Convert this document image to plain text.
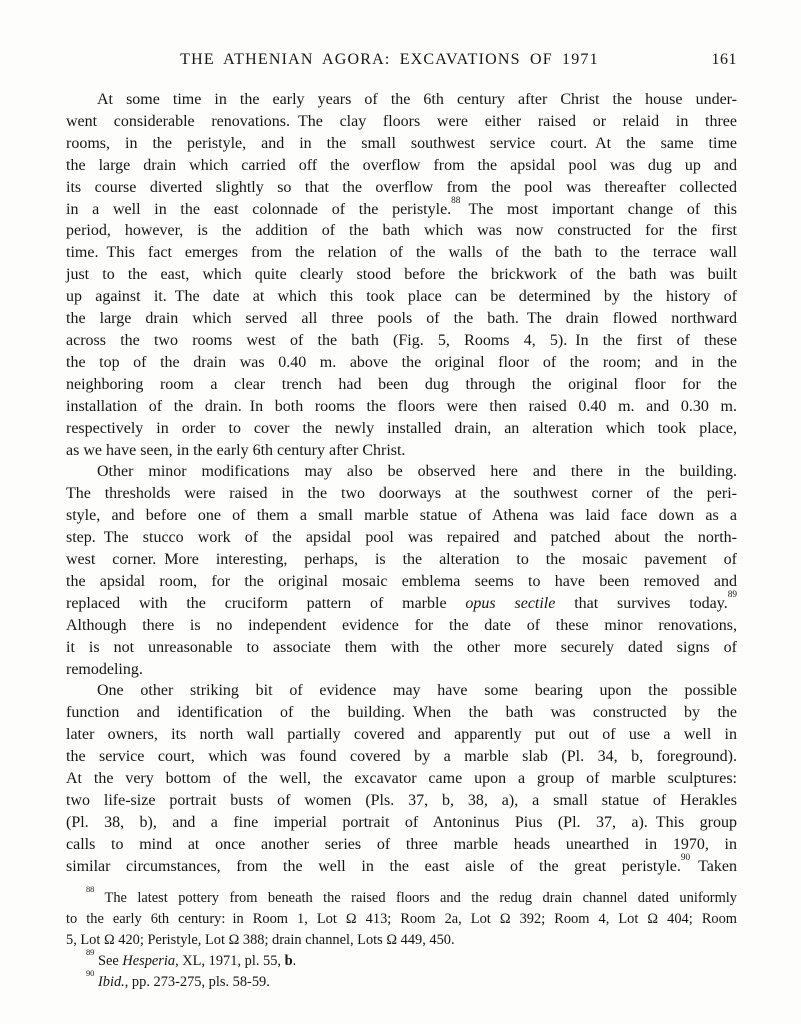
THE ATHENIAN AGORA: EXCAVATIONS OF 1971	161
At some time in the early years of the 6th century after Christ the house under-
went considerable renovations. The clay floors were either raised or relaid in three
rooms, in the peristyle, and in the small southwest service court. At the same time
the large drain which carried off the overflow from the apsidal pool was dug up and
its course diverted slightly so that the overflow from the pool was thereafter collected
in a well in the east colonnade of the peristyle.$^{88}$ The most important change of this
period, however, is the addition of the bath which was now constructed for the first
time. This fact emerges from the relation of the walls of the bath to the terrace wall
just to the east, which quite clearly stood before the brickwork of the bath was built
up against it. The date at which this took place can be determined by the history of
the large drain which served all three pools of the bath. The drain flowed northward
across the two rooms west of the bath (Fig. 5, Rooms 4, 5). In the first of these
the top of the drain was 0.40 m. above the original floor of the room; and in the
neighboring room a clear trench had been dug through the original floor for the
installation of the drain. In both rooms the floors were then raised 0.40 m. and 0.30 m.
respectively in order to cover the newly installed drain, an alteration which took place,
as we have seen, in the early 6th century after Christ.
Other minor modifications may also be observed here and there in the building.
The thresholds were raised in the two doorways at the southwest corner of the peri-
style, and before one of them a small marble statue of Athena was laid face down as a
step. The stucco work of the apsidal pool was repaired and patched about the north-
west corner. More interesting, perhaps, is the alteration to the mosaic pavement of
the apsidal room, for the original mosaic emblema seems to have been removed and
replaced with the cruciform pattern of marble opus sectile that survives today.$^{89}$
Although there is no independent evidence for the date of these minor renovations,
it is not unreasonable to associate them with the other more securely dated signs of
remodeling.
One other striking bit of evidence may have some bearing upon the possible
function and identification of the building. When the bath was constructed by the
later owners, its north wall partially covered and apparently put out of use a well in
the service court, which was found covered by a marble slab (Pl. 34, b, foreground).
At the very bottom of the well, the excavator came upon a group of marble sculptures:
two life-size portrait busts of women (Pls. 37, b, 38, a), a small statue of Herakles
(Pl. 38, b), and a fine imperial portrait of Antoninus Pius (Pl. 37, a). This group
calls to mind at once another series of three marble heads unearthed in 1970, in
similar circumstances, from the well in the east aisle of the great peristyle.$^{90}$ Taken
$^{88}$ The latest pottery from beneath the raised floors and the redug drain channel dated uniformly
to the early 6th century: in Room 1, Lot Ω 413; Room 2a, Lot Ω 392; Room 4, Lot Ω 404; Room
5, Lot Ω 420; Peristyle, Lot Ω 388; drain channel, Lots Ω 449, 450.
$^{89}$ See Hesperia, XL, 1971, pl. 55, b.
$^{90}$ Ibid., pp. 273-275, pls. 58-59.
